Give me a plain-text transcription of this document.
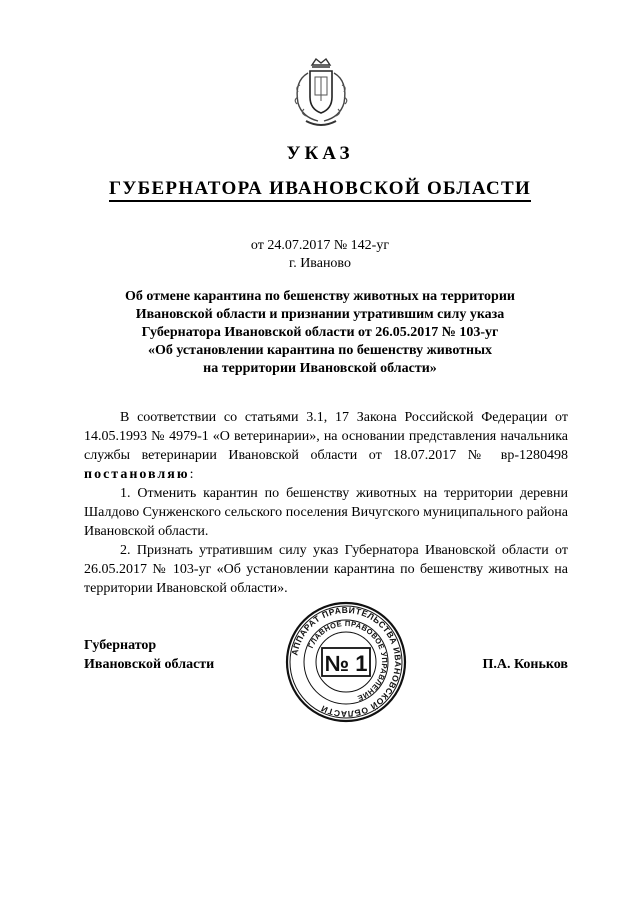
УКАЗ
ГУБЕРНАТОРА ИВАНОВСКОЙ ОБЛАСТИ
от 24.07.2017 № 142-уг
г. Иваново
Об отмене карантина по бешенству животных на территории
Ивановской области и признании утратившим силу указа
Губернатора Ивановской области от 26.05.2017 № 103-уг
«Об установлении карантина по бешенству животных
на территории Ивановской области»

В соответствии со статьями 3.1, 17 Закона Российской Федерации от 14.05.1993 № 4979-1 «О ветеринарии», на основании представления начальника службы ветеринарии Ивановской области от 18.07.2017 № вр-1280498 постановляю:

1. Отменить карантин по бешенству животных на территории деревни Шалдово Сунженского сельского поселения Вичугского муниципального района Ивановской области.

2. Признать утратившим силу указ Губернатора Ивановской области от 26.05.2017 № 103-уг «Об установлении карантина по бешенству животных на территории Ивановской области».

АППАРАТ ПРАВИТЕЛЬСТВА ИВАНОВСКОЙ ОБЛАСТИ
ГЛАВНОЕ ПРАВОВОЕ УПРАВЛЕНИЕ
№ 1
Губернатор
Ивановской области	П.А. Коньков
